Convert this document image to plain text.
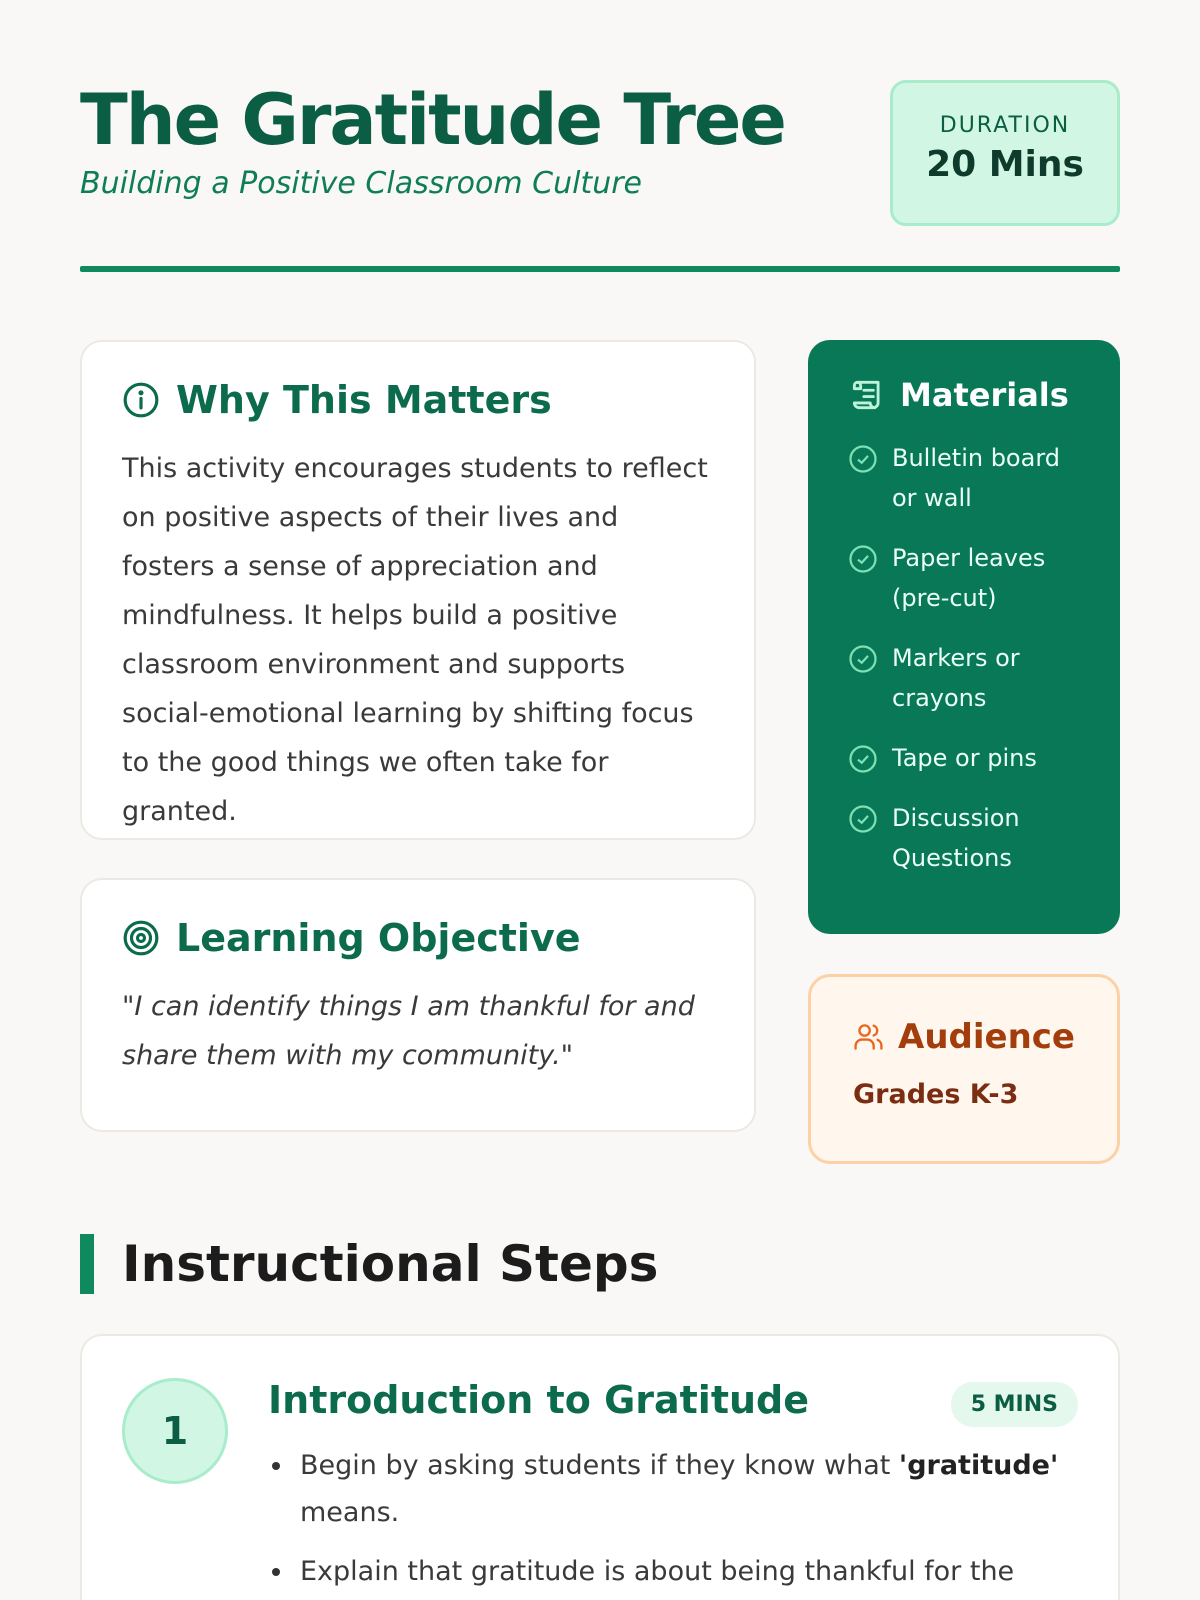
The Gratitude Tree
Building a Positive Classroom Culture
DURATION
20 Mins
Why This Matters

This activity encourages students to reflect on positive aspects of their lives and fosters a sense of appreciation and mindfulness. It helps build a positive classroom environment and supports social-emotional learning by shifting focus to the good things we often take for granted.

Learning Objective

"I can identify things I am thankful for and share them with my community."

Materials
Bulletin board or wall
Paper leaves (pre-cut)
Markers or crayons
Tape or pins
Discussion Questions
Audience
Grades K-3
Instructional Steps
1
Introduction to Gratitude	5 MINS
Begin by asking students if they know what 'gratitude' means.
Explain that gratitude is about being thankful for the
